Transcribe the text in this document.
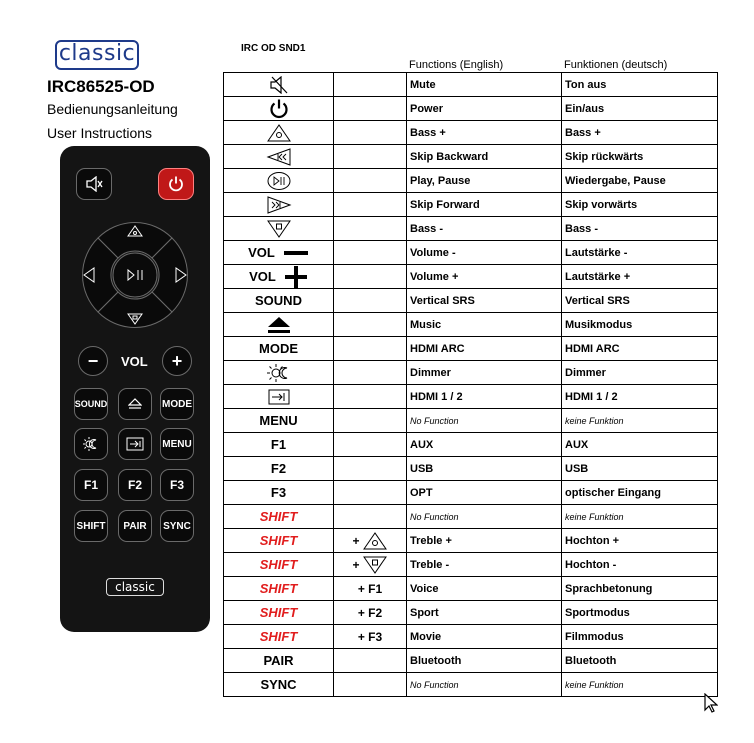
classic
IRC86525-OD
Bedienungsanleitung
User Instructions
−	VOL	+
SOUND	MODE
MENU
F1	F2	F3
SHIFT	PAIR	SYNC
classic
IRC OD SND1
Functions (English)	Funktionen (deutsch)
Mute	Ton aus
Power	Ein/aus
Bass +	Bass +
Skip Backward	Skip rückwärts
Play, Pause	Wiedergabe, Pause
Skip Forward	Skip vorwärts
Bass -	Bass -
VOL	Volume -	Lautstärke -
VOL	Volume +	Lautstärke +
SOUND	Vertical SRS	Vertical SRS
Music	Musikmodus
MODE	HDMI ARC	HDMI ARC
Dimmer	Dimmer
HDMI 1 / 2	HDMI 1 / 2
MENU	No Function	keine Funktion
F1	AUX	AUX
F2	USB	USB
F3	OPT	optischer Eingang
SHIFT	No Function	keine Funktion
SHIFT	+	Treble +	Hochton +
SHIFT	+	Treble -	Hochton -
SHIFT	+ F1	Voice	Sprachbetonung
SHIFT	+ F2	Sport	Sportmodus
SHIFT	+ F3	Movie	Filmmodus
PAIR	Bluetooth	Bluetooth
SYNC	No Function	keine Funktion
